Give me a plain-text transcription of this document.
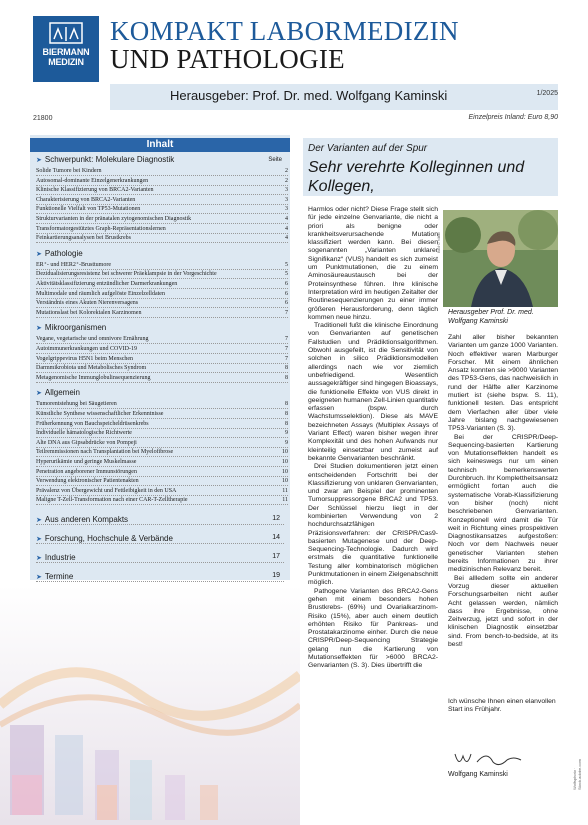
BIERMANN
MEDIZIN
KOMPAKT LABORMEDIZIN
UND PATHOLOGIE
Herausgeber: Prof. Dr. med. Wolfgang Kaminski	1/2025
21800	Einzelpreis Inland: Euro 8,90
Inhalt
Seite
➤ Schwerpunkt: Molekulare Diagnostik
Solide Tumore bei Kindern	2
Autosomal-dominante Einzelgenerkrankungen	2
Klinische Klassifizierung von BRCA2-Varianten	3
Charakterisierung von BRCA2-Varianten	3
Funktionelle Vielfalt von TP53-Mutationen	3
Strukturvarianten in der pränatalen zytogenomischen Diagnostik	4
Transformatorgestütztes Graph-Repräsentationslernen	4
Feinkartierungsanalysen bei Brustkrebs	4
➤ Pathologie
ER⁺- und HER2⁺-Brusttumore	5
Dezidualisierungsresistenz bei schwerer Präeklampsie in der Vorgeschichte	5
Aktivitätsklassifizierung entzündlicher Darmerkrankungen	6
Multimodale und räumlich aufgelöste Einzelzelldaten	6
Verständnis eines Akuten Nierenversagens	6
Mutationslast bei Kolorektalen Karzinomen	7
➤ Mikroorganismen
Vegane, vegetarische und omnivore Ernährung	7
Autoimmunerkrankungen und COVID-19	7
Vogelgrippevirus H5N1 beim Menschen	7
Darmmikrobiota und Metabolisches Syndrom	8
Metagenomische Immunglobulinsequenzierung	8
➤ Allgemein
Tumorentstehung bei Säugetieren	8
Künstliche Synthese wissenschaftlicher Erkenntnisse	8
Früherkennung von Bauchspeicheldrüsenkrebs	8
Individuelle hämatologische Richtwerte	9
Alte DNA aus Gipsabdrücke von Pompeji	9
Teilremmissionen nach Transplantation bei Myelofibrose	10
Hyperurikämie und geringe Muskelmasse	10
Penetration angeborener Immunstörungen	10
Verwendung elektronischer Patientenakten	10
Prävalenz von Übergewicht und Fettleibigkeit in den USA	11
Maligne T-Zell-Transformation nach einer CAR-T-Zelltherapie	11
➤ Aus anderen Kompakts	12
➤ Forschung, Hochschule & Verbände	14
➤ Industrie	17
➤ Termine	19
Der Varianten auf der Spur
Sehr verehrte Kolleginnen und Kollegen,

Harmlos oder nicht? Diese Frage stellt sich für jede einzelne Genvariante, die nicht a priori als benigne oder krankheitsverursachende Mutation klassifiziert werden kann. Bei diesen sogenannten „Varianten unklarer Signifikanz“ (VUS) handelt es sich zumeist um Punktmutationen, die zu einem Aminosäureaustausch bei der Proteinsynthese führen. Ihre klinische Interpretation wird im heutigen Zeitalter der Routinesequenzierungen zu einer immer größeren Herausforderung, denn täglich kommen neue hinzu.

Traditionell fußt die klinische Einordnung von Genvarianten auf genetischen Fallstudien und Prädiktionsalgorithmen. Obwohl ausgefeilt, ist die Sensitivität von solchen in silico Prädiktionsmodellen allerdings nach wie vor ziemlich unbefriedigend. Wesentlich aussagekräftiger sind hingegen Bioassays, die funktionelle Effekte von VUS direkt in geeigneten humanen Zell-Linien quantitativ erfassen (bspw. durch Wachstumsselektion). Diese als MAVE bezeichneten Assays (Multiplex Assays of Variant Effect) waren bisher wegen ihrer Komplexität und des hohen Aufwands nur kleinteilig einsetzbar und zumeist auf bekannte Genvarianten beschränkt.

Drei Studien dokumentieren jetzt einen entscheidenden Fortschritt bei der Klassifizierung von unklaren Genvarianten, und zwar am Beispiel der prominenten Tumorsuppressorgene BRCA2 und TP53. Der Schlüssel hierzu liegt in der kombinierten Verwendung von 2 hochdurchsatzfähigen Präzisionsverfahren: der CRISPR/Cas9-basierten Mutagenese und der Deep-Sequencing-Technologie. Dadurch wird erstmals die quantitative funktionelle Testung aller kombinatorisch möglichen Punktmutationen in einem Zielgenabschnitt möglich.

Pathogene Varianten des BRCA2-Gens gehen mit einem besonders hohen Brustkrebs- (69%) und Ovarialkarzinom-Risiko (15%), aber auch einem deutlich erhöhten Risiko für Pankreas- und Prostatakarzinome einher. Durch die neue CRISPR/Deep-Sequencing Strategie gelang nun die Kartierung von Mutationseffekten für >6000 BRCA2-Genvarianten (S. 3). Dies übertrifft die

Bild © Nikki
Herausgeber Prof. Dr. med.
Wolfgang Kaminski

Zahl aller bisher bekannten Varianten um ganze 1000 Varianten. Noch effektiver waren Marburger Forscher. Mit einem ähnlichen Ansatz konnten sie >9000 Varianten des TP53-Gens, das nachweislich in rund der Hälfte aller Karzinome mutiert ist (siehe bspw. S. 11), funktionell testen. Das entspricht dem Vierfachen aller über viele Jahre bislang nachgewiesenen TP53-Varianten (S. 3).

Bei der CRISPR/Deep-Sequencing-basierten Kartierung von Mutationseffekten handelt es sich keineswegs nur um einen technisch bemerkenswerten Durchbruch. Ihr Komplettheitsansatz ermöglicht fortan auch die systematische Vorab-Klassifizierung von bisher (noch) nicht beschriebenen Genvarianten. Konzeptionell wird damit die Tür weit in Richtung eines prospektiven Diagnostikansatzes aufgestoßen: Noch vor dem Nachweis neuer genetischer Varianten stehen bereits Informationen zu ihrer medizinischen Relevanz bereit.

Bei allledem sollte ein anderer Vorzug dieser aktuellen Forschungsarbeiten nicht außer Acht gelassen werden, nämlich dass ihre Ergebnisse, ohne Zeitverzug, jetzt und sofort in der klinischen Diagnostik einsetzbar sind. From bench-to-bedside, at its best!

Ich wünsche Ihnen einen elanvollen Start ins Frühjahr.
Wolfgang Kaminski	Wolfsphoto · Stock.adobe.com
